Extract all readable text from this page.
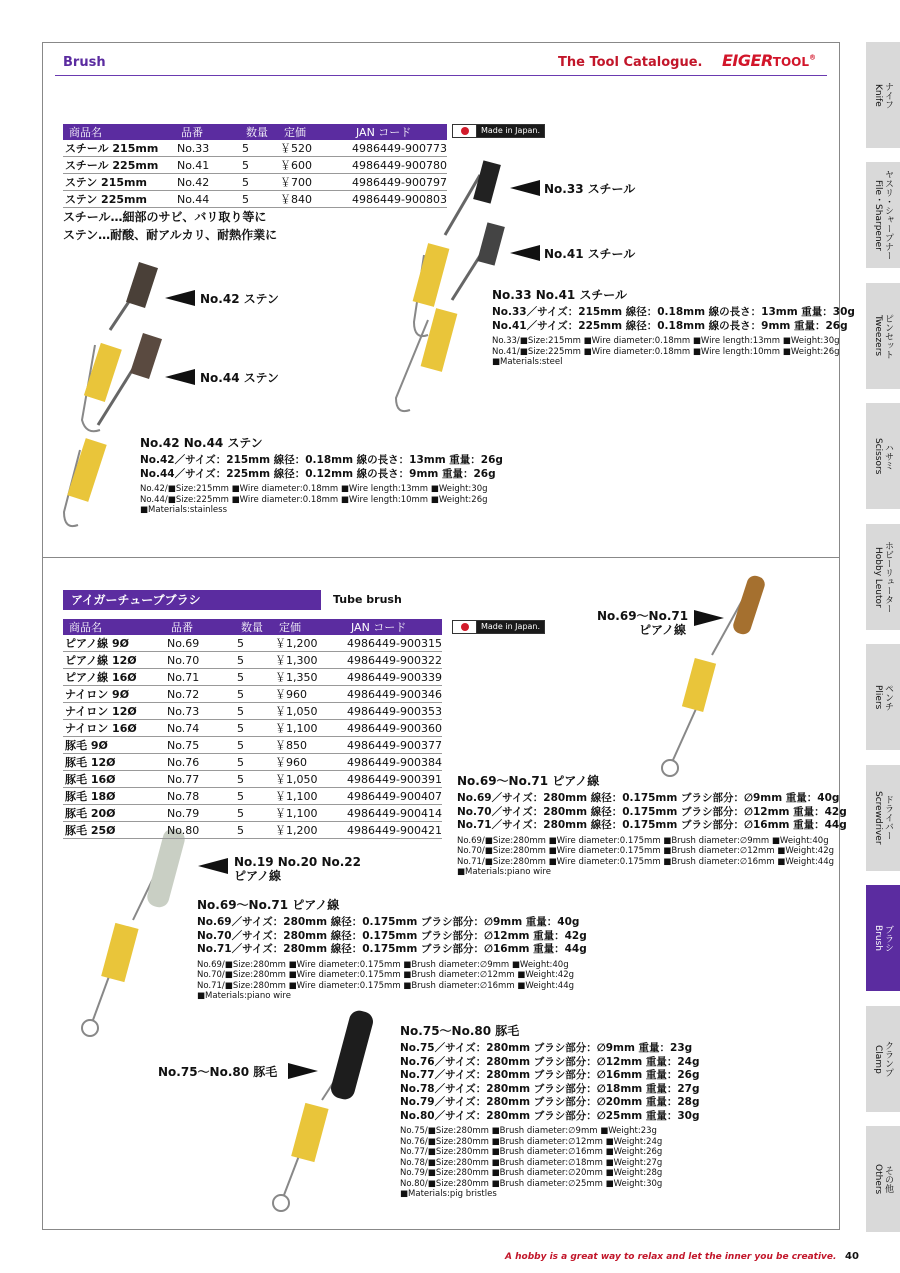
Brush	The Tool Catalogue. EIGERTOOL®
商品名	品番	数量	定価	JAN コード
スチール 215mm	No.33	5	￥520	4986449-900773
スチール 225mm	No.41	5	￥600	4986449-900780
ステン 215mm	No.42	5	￥700	4986449-900797
ステン 225mm	No.44	5	￥840	4986449-900803
Made in Japan.
スチール…細部のサビ、バリ取り等に
ステン…耐酸、耐アルカリ、耐熱作業に
No.33 スチール
No.41 スチール
No.42 ステン
No.44 ステン
No.33 No.41 スチール
No.33／サイズ：215mm 線径：0.18mm 線の長さ：13mm 重量：30g
No.41／サイズ：225mm 線径：0.18mm 線の長さ：9mm 重量：26g
No.33/■Size:215mm ■Wire diameter:0.18mm ■Wire length:13mm ■Weight:30g
No.41/■Size:225mm ■Wire diameter:0.18mm ■Wire length:10mm ■Weight:26g
■Materials:steel
No.42 No.44 ステン
No.42／サイズ：215mm 線径：0.18mm 線の長さ：13mm 重量：26g
No.44／サイズ：225mm 線径：0.12mm 線の長さ：9mm 重量：26g
No.42/■Size:215mm ■Wire diameter:0.18mm ■Wire length:13mm ■Weight:30g
No.44/■Size:225mm ■Wire diameter:0.18mm ■Wire length:10mm ■Weight:26g
■Materials:stainless
アイガーチューブブラシ	Tube brush
商品名	品番	数量	定価	JAN コード
ピアノ線 9Ø	No.69	5	￥1,200	4986449-900315
ピアノ線 12Ø	No.70	5	￥1,300	4986449-900322
ピアノ線 16Ø	No.71	5	￥1,350	4986449-900339
ナイロン 9Ø	No.72	5	￥960	4986449-900346
ナイロン 12Ø	No.73	5	￥1,050	4986449-900353
ナイロン 16Ø	No.74	5	￥1,100	4986449-900360
豚毛 9Ø	No.75	5	￥850	4986449-900377
豚毛 12Ø	No.76	5	￥960	4986449-900384
豚毛 16Ø	No.77	5	￥1,050	4986449-900391
豚毛 18Ø	No.78	5	￥1,100	4986449-900407
豚毛 20Ø	No.79	5	￥1,100	4986449-900414
豚毛 25Ø	No.80	5	￥1,200	4986449-900421
Made in Japan.
No.69～No.71
ピアノ線
No.19 No.20 No.22
ピアノ線
No.75～No.80 豚毛
No.69～No.71 ピアノ線
No.69／サイズ：280mm 線径：0.175mm ブラシ部分：∅9mm 重量：40g
No.70／サイズ：280mm 線径：0.175mm ブラシ部分：∅12mm 重量：42g
No.71／サイズ：280mm 線径：0.175mm ブラシ部分：∅16mm 重量：44g
No.69/■Size:280mm ■Wire diameter:0.175mm ■Brush diameter:∅9mm ■Weight:40g
No.70/■Size:280mm ■Wire diameter:0.175mm ■Brush diameter:∅12mm ■Weight:42g
No.71/■Size:280mm ■Wire diameter:0.175mm ■Brush diameter:∅16mm ■Weight:44g
■Materials:piano wire
No.69～No.71 ピアノ線
No.69／サイズ：280mm 線径：0.175mm ブラシ部分：∅9mm 重量：40g
No.70／サイズ：280mm 線径：0.175mm ブラシ部分：∅12mm 重量：42g
No.71／サイズ：280mm 線径：0.175mm ブラシ部分：∅16mm 重量：44g
No.69/■Size:280mm ■Wire diameter:0.175mm ■Brush diameter:∅9mm ■Weight:40g
No.70/■Size:280mm ■Wire diameter:0.175mm ■Brush diameter:∅12mm ■Weight:42g
No.71/■Size:280mm ■Wire diameter:0.175mm ■Brush diameter:∅16mm ■Weight:44g
■Materials:piano wire
No.75～No.80 豚毛
No.75／サイズ：280mm ブラシ部分：∅9mm 重量：23g
No.76／サイズ：280mm ブラシ部分：∅12mm 重量：24g
No.77／サイズ：280mm ブラシ部分：∅16mm 重量：26g
No.78／サイズ：280mm ブラシ部分：∅18mm 重量：27g
No.79／サイズ：280mm ブラシ部分：∅20mm 重量：28g
No.80／サイズ：280mm ブラシ部分：∅25mm 重量：30g
No.75/■Size:280mm ■Brush diameter:∅9mm ■Weight:23g
No.76/■Size:280mm ■Brush diameter:∅12mm ■Weight:24g
No.77/■Size:280mm ■Brush diameter:∅16mm ■Weight:26g
No.78/■Size:280mm ■Brush diameter:∅18mm ■Weight:27g
No.79/■Size:280mm ■Brush diameter:∅20mm ■Weight:28g
No.80/■Size:280mm ■Brush diameter:∅25mm ■Weight:30g
■Materials:pig bristles
ナイフ
Knife
ヤスリ・シャープナー
File・Sharpener
ピンセット
Tweezers
ハサミ
Scissors
ホビーリューター
Hobby Leutor
ペンチ
Pliers
ドライバー
Screwdriver
ブラシ
Brush
クランプ
Clamp
その他
Others
A hobby is a great way to relax and let the inner you be creative. 40
